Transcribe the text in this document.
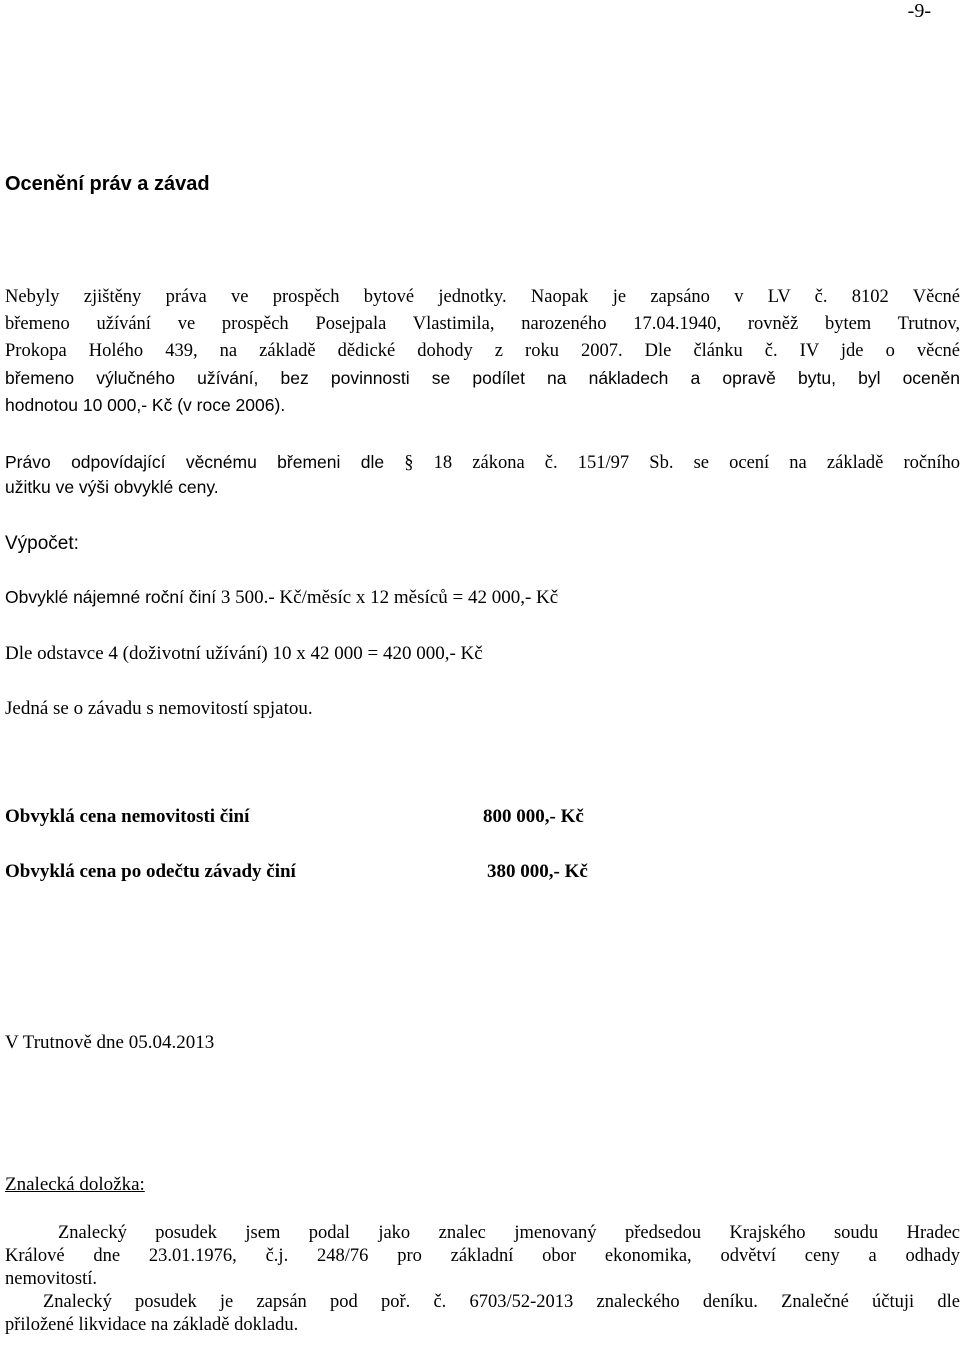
-9-
Ocenění práv a závad
Nebyly zjištěny práva ve prospěch bytové jednotky. Naopak je zapsáno v LV č. 8102 Věcné
břemeno užívání ve prospěch Posejpala Vlastimila, narozeného 17.04.1940, rovněž bytem Trutnov,
Prokopa Holého 439, na základě dědické dohody z roku 2007. Dle článku č. IV jde o věcné
břemeno výlučného užívání, bez povinnosti se podílet na nákladech a opravě bytu, byl oceněn
hodnotou 10 000,- Kč (v roce 2006).
Právo odpovídající věcnému břemeni dle § 18 zákona č. 151/97 Sb. se ocení na základě ročního
užitku ve výši obvyklé ceny.
Výpočet:
Obvyklé nájemné roční činí 3 500.- Kč/měsíc x 12 měsíců = 42 000,- Kč
Dle odstavce 4 (doživotní užívání) 10 x 42 000 = 420 000,- Kč
Jedná se o závadu s nemovitostí spjatou.
Obvyklá cena nemovitosti činí	800 000,- Kč
Obvyklá cena po odečtu závady činí	380 000,- Kč
V Trutnově dne 05.04.2013
Znalecká doložka:
Znalecký posudek jsem podal jako znalec jmenovaný předsedou Krajského soudu Hradec
Králové dne 23.01.1976, č.j. 248/76 pro základní obor ekonomika, odvětví ceny a odhady
nemovitostí.
Znalecký posudek je zapsán pod poř. č. 6703/52-2013 znaleckého deníku. Znalečné účtuji dle
přiložené likvidace na základě dokladu.
